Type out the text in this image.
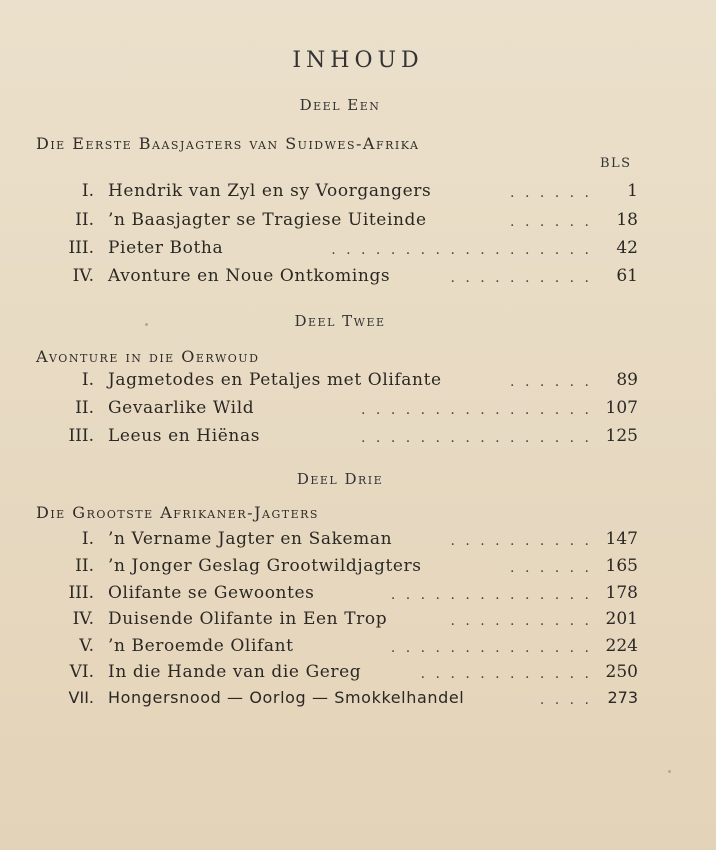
INHOUD
Deel Een
Die Eerste Baasjagters van Suidwes-Afrika
BLS
I. Hendrik van Zyl en sy Voorgangers	. . . . . .	1
II. ’n Baasjagter se Tragiese Uiteinde	. . . . . .	18
III. Pieter Botha	. . . . . . . . . . . . . . . . . .	42
IV. Avonture en Noue Ontkomings	. . . . . . . . . .	61
Deel Twee
Avonture in die Oerwoud
I. Jagmetodes en Petaljes met Olifante	. . . . . .	89
II. Gevaarlike Wild	. . . . . . . . . . . . . . . . 107
III. Leeus en Hiënas	. . . . . . . . . . . . . . . . 125
Deel Drie
Die Grootste Afrikaner-Jagters
I. ’n Vername Jagter en Sakeman	. . . . . . . . . . 147
II. ’n Jonger Geslag Grootwildjagters	. . . . . . 165
III. Olifante se Gewoontes	. . . . . . . . . . . . . . 178
IV. Duisende Olifante in Een Trop	. . . . . . . . . . 201
V. ’n Beroemde Olifant	. . . . . . . . . . . . . . 224
VI. In die Hande van die Gereg	. . . . . . . . . . . . 250
VII. Hongersnood — Oorlog — Smokkelhandel	. . . . 273
